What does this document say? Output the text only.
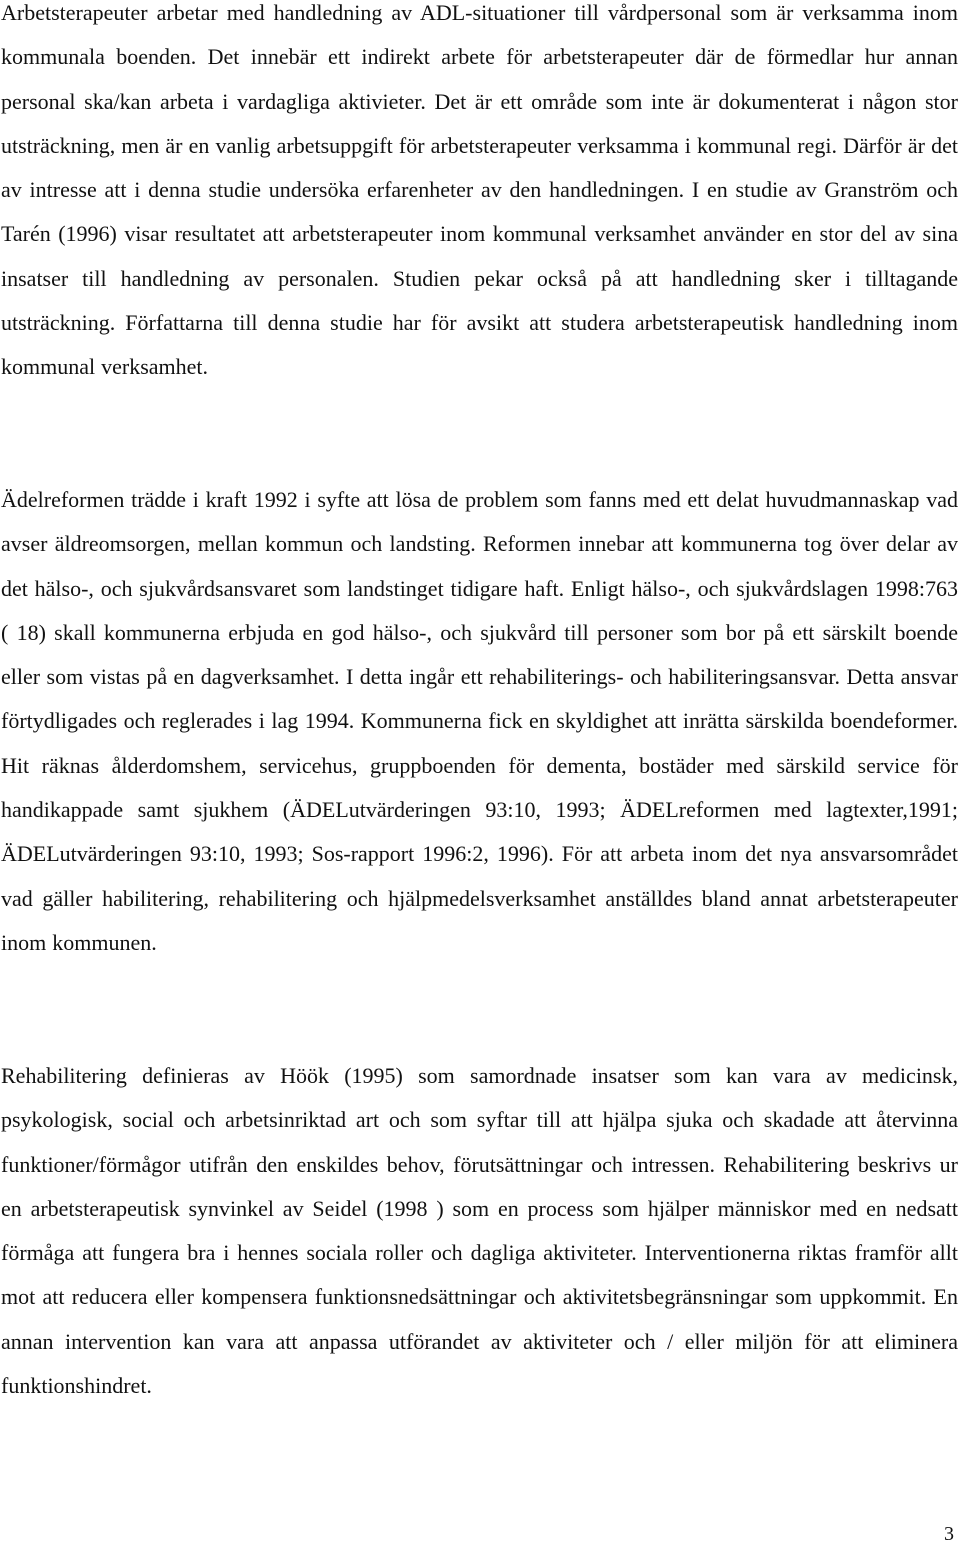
Arbetsterapeuter arbetar med handledning av ADL-situationer till vårdpersonal som är verksamma inom kommunala boenden. Det innebär ett indirekt arbete för arbetsterapeuter där de förmedlar hur annan personal ska/kan arbeta i vardagliga aktivieter. Det är ett område som inte är dokumenterat i någon stor utsträckning, men är en vanlig arbetsuppgift för arbetsterapeuter verksamma i kommunal regi. Därför är det av intresse att i denna studie undersöka erfarenheter av den handledningen. I en studie av Granström och Tarén (1996) visar resultatet att arbetsterapeuter inom kommunal verksamhet använder en stor del av sina insatser till handledning av personalen. Studien pekar också på att handledning sker i tilltagande utsträckning. Författarna till denna studie har för avsikt att studera arbetsterapeutisk handledning inom kommunal verksamhet.

Ädelreformen trädde i kraft 1992 i syfte att lösa de problem som fanns med ett delat huvudmannaskap vad avser äldreomsorgen, mellan kommun och landsting. Reformen innebar att kommunerna tog över delar av det hälso-, och sjukvårdsansvaret som landstinget tidigare haft. Enligt hälso-, och sjukvårdslagen 1998:763 ( 18) skall kommunerna erbjuda en god hälso-, och sjukvård till personer som bor på ett särskilt boende eller som vistas på en dagverksamhet. I detta ingår ett rehabiliterings- och habiliteringsansvar. Detta ansvar förtydligades och reglerades i lag 1994. Kommunerna fick en skyldighet att inrätta särskilda boendeformer. Hit räknas ålderdomshem, servicehus, gruppboenden för dementa, bostäder med särskild service för handikappade samt sjukhem (ÄDELutvärderingen 93:10, 1993; ÄDELreformen med lagtexter,1991; ÄDELutvärderingen 93:10, 1993; Sos-rapport 1996:2, 1996). För att arbeta inom det nya ansvarsområdet vad gäller habilitering, rehabilitering och hjälpmedelsverksamhet anställdes bland annat arbetsterapeuter inom kommunen.

Rehabilitering definieras av Höök (1995) som samordnade insatser som kan vara av medicinsk, psykologisk, social och arbetsinriktad art och som syftar till att hjälpa sjuka och skadade att återvinna funktioner/förmågor utifrån den enskildes behov, förutsättningar och intressen. Rehabilitering beskrivs ur en arbetsterapeutisk synvinkel av Seidel (1998 ) som en process som hjälper människor med en nedsatt förmåga att fungera bra i hennes sociala roller och dagliga aktiviteter. Interventionerna riktas framför allt mot att reducera eller kompensera funktionsnedsättningar och aktivitetsbegränsningar som uppkommit. En annan intervention kan vara att anpassa utförandet av aktiviteter och / eller miljön för att eliminera funktionshindret.

3
